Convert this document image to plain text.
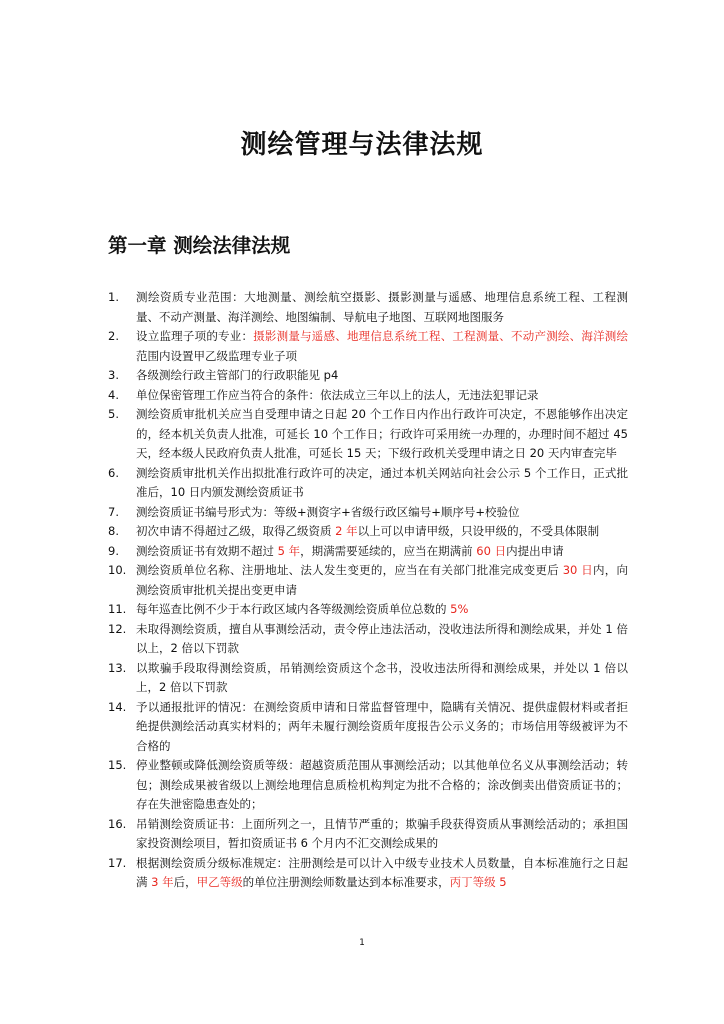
测绘管理与法律法规
第一章 测绘法律法规
1. 测绘资质专业范围：大地测量、测绘航空摄影、摄影测量与遥感、地理信息系统工程、工程测量、不动产测量、海洋测绘、地图编制、导航电子地图、互联网地图服务
2. 设立监理子项的专业：摄影测量与遥感、地理信息系统工程、工程测量、不动产测绘、海洋测绘范围内设置甲乙级监理专业子项
3. 各级测绘行政主管部门的行政职能见 p4
4. 单位保密管理工作应当符合的条件：依法成立三年以上的法人，无违法犯罪记录
5. 测绘资质审批机关应当自受理申请之日起 20 个工作日内作出行政许可决定，不恩能够作出决定的，经本机关负责人批准，可延长 10 个工作日；行政许可采用统一办理的，办理时间不超过 45 天，经本级人民政府负责人批准，可延长 15 天；下级行政机关受理申请之日 20 天内审查完毕
6. 测绘资质审批机关作出拟批准行政许可的决定，通过本机关网站向社会公示 5 个工作日，正式批准后，10 日内颁发测绘资质证书
7. 测绘资质证书编号形式为：等级+测资字+省级行政区编号+顺序号+校验位
8. 初次申请不得超过乙级，取得乙级资质 2 年以上可以申请甲级，只设甲级的，不受具体限制
9. 测绘资质证书有效期不超过 5 年，期满需要延续的，应当在期满前 60 日内提出申请
10. 测绘资质单位名称、注册地址、法人发生变更的，应当在有关部门批准完成变更后 30 日内，向测绘资质审批机关提出变更申请
11. 每年巡查比例不少于本行政区域内各等级测绘资质单位总数的 5%
12. 未取得测绘资质，擅自从事测绘活动，责令停止违法活动，没收违法所得和测绘成果，并处 1 倍以上，2 倍以下罚款
13. 以欺骗手段取得测绘资质，吊销测绘资质这个念书，没收违法所得和测绘成果，并处以 1 倍以上，2 倍以下罚款
14. 予以通报批评的情况：在测绘资质申请和日常监督管理中，隐瞒有关情况、提供虚假材料或者拒绝提供测绘活动真实材料的；两年未履行测绘资质年度报告公示义务的；市场信用等级被评为不合格的
15. 停业整顿或降低测绘资质等级：超越资质范围从事测绘活动；以其他单位名义从事测绘活动；转包；测绘成果被省级以上测绘地理信息质检机构判定为批不合格的；涂改倒卖出借资质证书的；存在失泄密隐患查处的；
16. 吊销测绘资质证书：上面所列之一，且情节严重的；欺骗手段获得资质从事测绘活动的；承担国家投资测绘项目，暂扣资质证书 6 个月内不汇交测绘成果的
17. 根据测绘资质分级标准规定：注册测绘是可以计入中级专业技术人员数量，自本标准施行之日起满 3 年后，甲乙等级的单位注册测绘师数量达到本标准要求，丙丁等级 5
1
